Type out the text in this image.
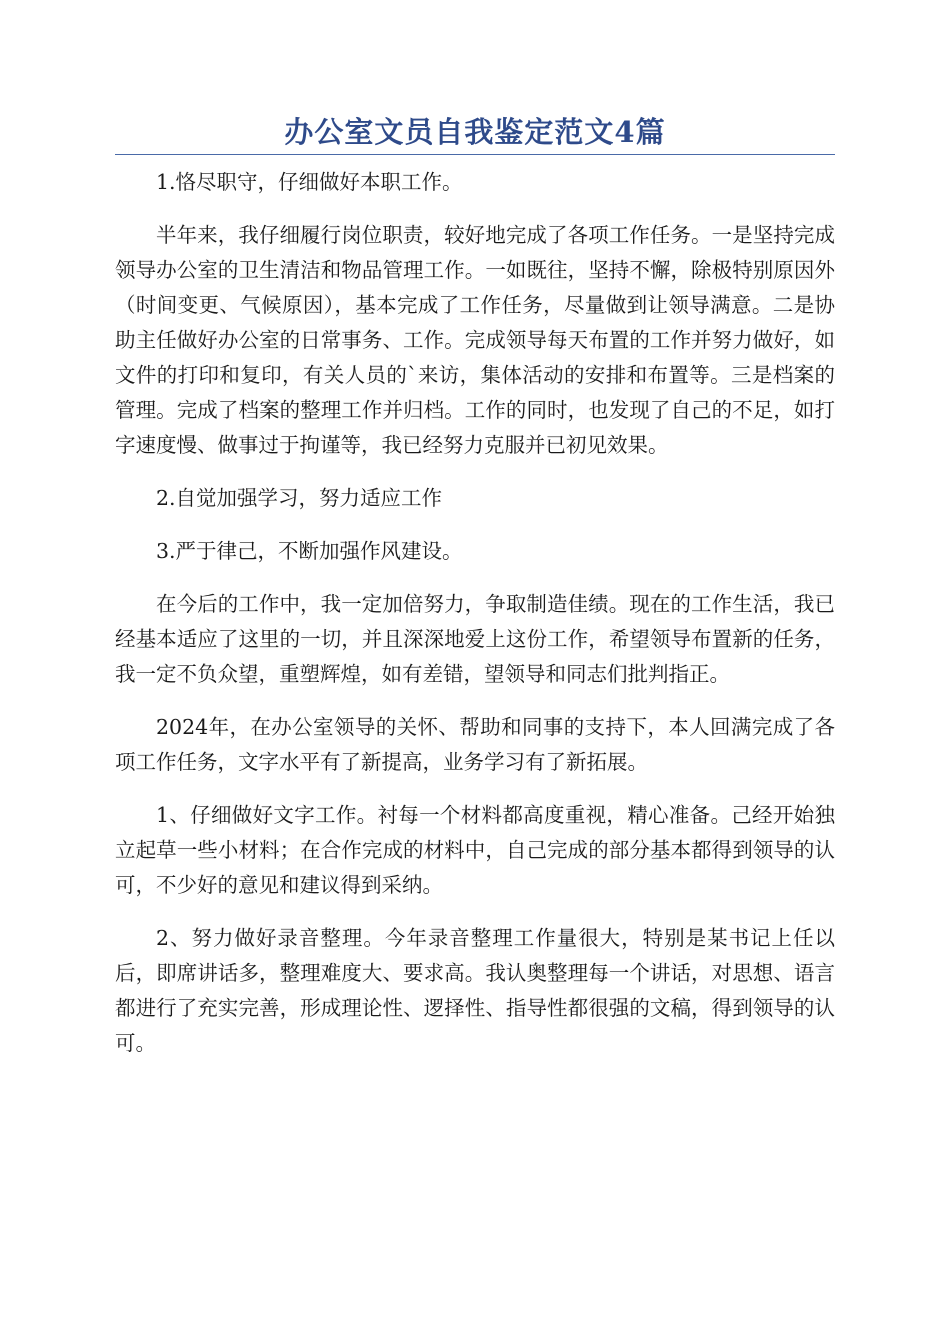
办公室文员自我鉴定范文4篇

1.恪尽职守，仔细做好本职工作。

半年来，我仔细履行岗位职责，较好地完成了各项工作任务。一是坚持完成领导办公室的卫生清洁和物品管理工作。一如既往，坚持不懈，除极特别原因外（时间变更、气候原因），基本完成了工作任务，尽量做到让领导满意。二是协助主任做好办公室的日常事务、工作。完成领导每天布置的工作并努力做好，如文件的打印和复印，有关人员的`来访，集体活动的安排和布置等。三是档案的管理。完成了档案的整理工作并归档。工作的同时，也发现了自己的不足，如打字速度慢、做事过于拘谨等，我已经努力克服并已初见效果。

2.自觉加强学习，努力适应工作

3.严于律己，不断加强作风建设。

在今后的工作中，我一定加倍努力，争取制造佳绩。现在的工作生活，我已经基本适应了这里的一切，并且深深地爱上这份工作，希望领导布置新的任务，我一定不负众望，重塑辉煌，如有差错，望领导和同志们批判指正。

2024年，在办公室领导的关怀、帮助和同事的支持下，本人回满完成了各项工作任务，文字水平有了新提高，业务学习有了新拓展。

1、仔细做好文字工作。衬每一个材料都高度重视，精心准备。己经开始独立起草一些小材料；在合作完成的材料中，自己完成的部分基本都得到领导的认可，不少好的意见和建议得到采纳。

2、努力做好录音整理。今年录音整理工作量很大，特别是某书记上任以后，即席讲话多，整理难度大、要求高。我认奥整理每一个讲话，对思想、语言都进行了充实完善，形成理论性、逻择性、指导性都很强的文稿，得到领导的认可。
